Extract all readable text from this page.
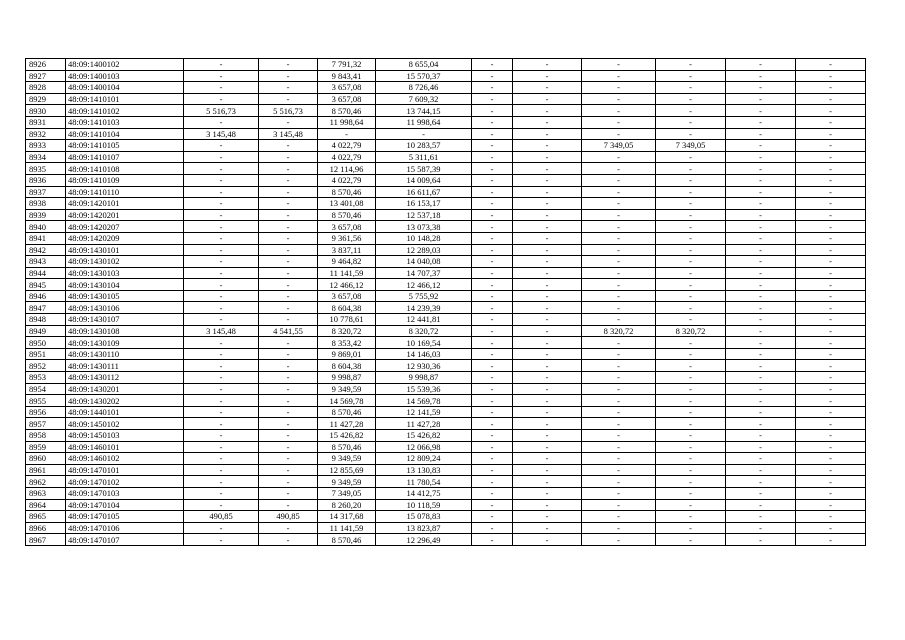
8926	48:09:1400102	-	-	7 791,32	8 655,04	-	-	-	-	-	-
8927	48:09:1400103	-	-	9 843,41	15 570,37	-	-	-	-	-	-
8928	48:09:1400104	-	-	3 657,08	8 726,46	-	-	-	-	-	-
8929	48:09:1410101	-	-	3 657,08	7 609,32	-	-	-	-	-	-
8930	48:09:1410102	5 516,73	5 516,73	8 570,46	13 744,15	-	-	-	-	-	-
8931	48:09:1410103	-	-	11 998,64	11 998,64	-	-	-	-	-	-
8932	48:09:1410104	3 145,48	3 145,48	-	-	-	-	-	-	-	-
8933	48:09:1410105	-	-	4 022,79	10 283,57	-	-	7 349,05	7 349,05	-	-
8934	48:09:1410107	-	-	4 022,79	5 311,61	-	-	-	-	-	-
8935	48:09:1410108	-	-	12 114,96	15 587,39	-	-	-	-	-	-
8936	48:09:1410109	-	-	4 022,79	14 009,64	-	-	-	-	-	-
8937	48:09:1410110	-	-	8 570,46	16 611,67	-	-	-	-	-	-
8938	48:09:1420101	-	-	13 401,08	16 153,17	-	-	-	-	-	-
8939	48:09:1420201	-	-	8 570,46	12 537,18	-	-	-	-	-	-
8940	48:09:1420207	-	-	3 657,08	13 073,38	-	-	-	-	-	-
8941	48:09:1420209	-	-	9 361,56	10 148,28	-	-	-	-	-	-
8942	48:09:1430101	-	-	3 837,11	12 289,03	-	-	-	-	-	-
8943	48:09:1430102	-	-	9 464,82	14 040,08	-	-	-	-	-	-
8944	48:09:1430103	-	-	11 141,59	14 707,37	-	-	-	-	-	-
8945	48:09:1430104	-	-	12 466,12	12 466,12	-	-	-	-	-	-
8946	48:09:1430105	-	-	3 657,08	5 755,92	-	-	-	-	-	-
8947	48:09:1430106	-	-	8 604,38	14 239,39	-	-	-	-	-	-
8948	48:09:1430107	-	-	10 778,61	12 441,81	-	-	-	-	-	-
8949	48:09:1430108	3 145,48	4 541,55	8 320,72	8 320,72	-	-	8 320,72	8 320,72	-	-
8950	48:09:1430109	-	-	8 353,42	10 169,54	-	-	-	-	-	-
8951	48:09:1430110	-	-	9 869,01	14 146,03	-	-	-	-	-	-
8952	48:09:1430111	-	-	8 604,38	12 930,36	-	-	-	-	-	-
8953	48:09:1430112	-	-	9 998,87	9 998,87	-	-	-	-	-	-
8954	48:09:1430201	-	-	9 349,59	15 539,36	-	-	-	-	-	-
8955	48:09:1430202	-	-	14 569,78	14 569,78	-	-	-	-	-	-
8956	48:09:1440101	-	-	8 570,46	12 141,59	-	-	-	-	-	-
8957	48:09:1450102	-	-	11 427,28	11 427,28	-	-	-	-	-	-
8958	48:09:1450103	-	-	15 426,82	15 426,82	-	-	-	-	-	-
8959	48:09:1460101	-	-	8 570,46	12 066,98	-	-	-	-	-	-
8960	48:09:1460102	-	-	9 349,59	12 809,24	-	-	-	-	-	-
8961	48:09:1470101	-	-	12 855,69	13 130,83	-	-	-	-	-	-
8962	48:09:1470102	-	-	9 349,59	11 780,54	-	-	-	-	-	-
8963	48:09:1470103	-	-	7 349,05	14 412,75	-	-	-	-	-	-
8964	48:09:1470104	-	-	8 260,20	10 118,59	-	-	-	-	-	-
8965	48:09:1470105	490,85	490,85	14 317,68	15 078,83	-	-	-	-	-	-
8966	48:09:1470106	-	-	11 141,59	13 823,87	-	-	-	-	-	-
8967	48:09:1470107	-	-	8 570,46	12 296,49	-	-	-	-	-	-
